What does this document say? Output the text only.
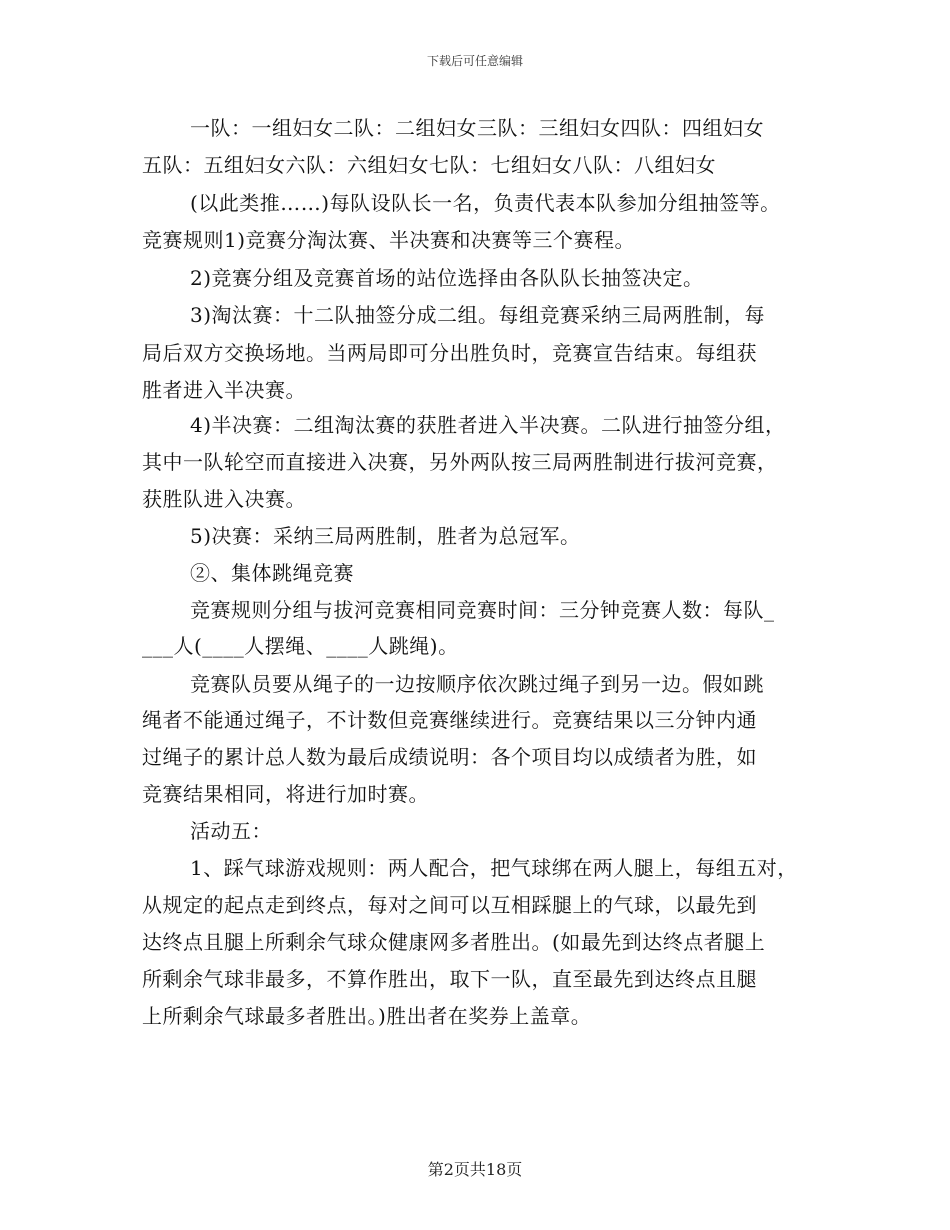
下载后可任意编辑
一队：一组妇女二队：二组妇女三队：三组妇女四队：四组妇女
五队：五组妇女六队：六组妇女七队：七组妇女八队：八组妇女
(以此类推……)每队设队长一名，负责代表本队参加分组抽签等。
竞赛规则1)竞赛分淘汰赛、半决赛和决赛等三个赛程。
2)竞赛分组及竞赛首场的站位选择由各队队长抽签决定。
3)淘汰赛：十二队抽签分成二组。每组竞赛采纳三局两胜制，每
局后双方交换场地。当两局即可分出胜负时，竞赛宣告结束。每组获
胜者进入半决赛。
4)半决赛：二组淘汰赛的获胜者进入半决赛。二队进行抽签分组，
其中一队轮空而直接进入决赛，另外两队按三局两胜制进行拔河竞赛，
获胜队进入决赛。
5)决赛：采纳三局两胜制，胜者为总冠军。
②、集体跳绳竞赛
竞赛规则分组与拔河竞赛相同竞赛时间：三分钟竞赛人数：每队_
___人(____人摆绳、____人跳绳)。
竞赛队员要从绳子的一边按顺序依次跳过绳子到另一边。假如跳
绳者不能通过绳子，不计数但竞赛继续进行。竞赛结果以三分钟内通
过绳子的累计总人数为最后成绩说明：各个项目均以成绩者为胜，如
竞赛结果相同，将进行加时赛。
活动五：
1、踩气球游戏规则：两人配合，把气球绑在两人腿上，每组五对，
从规定的起点走到终点，每对之间可以互相踩腿上的气球，以最先到
达终点且腿上所剩余气球众健康网多者胜出。(如最先到达终点者腿上
所剩余气球非最多，不算作胜出，取下一队，直至最先到达终点且腿
上所剩余气球最多者胜出。)胜出者在奖券上盖章。
第2页共18页
